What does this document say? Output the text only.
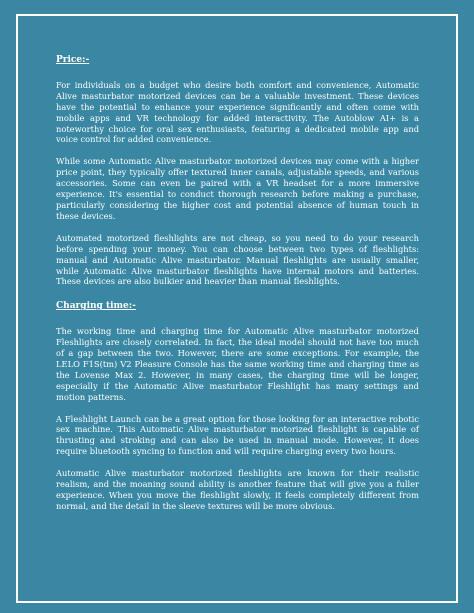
Price:-

For individuals on a budget who desire both comfort and convenience, Automatic Alive masturbator motorized devices can be a valuable investment. These devices have the potential to enhance your experience significantly and often come with mobile apps and VR technology for added interactivity. The Autoblow AI+ is a noteworthy choice for oral sex enthusiasts, featuring a dedicated mobile app and voice control for added convenience.

While some Automatic Alive masturbator motorized devices may come with a higher price point, they typically offer textured inner canals, adjustable speeds, and various accessories. Some can even be paired with a VR headset for a more immersive experience. It's essential to conduct thorough research before making a purchase, particularly considering the higher cost and potential absence of human touch in these devices.

Automated motorized fleshlights are not cheap, so you need to do your research before spending your money. You can choose between two types of fleshlights: manual and Automatic Alive masturbator. Manual fleshlights are usually smaller, while Automatic Alive masturbator fleshlights have internal motors and batteries. These devices are also bulkier and heavier than manual fleshlights.

Charging time:-

The working time and charging time for Automatic Alive masturbator motorized Fleshlights are closely correlated. In fact, the ideal model should not have too much of a gap between the two. However, there are some exceptions. For example, the LELO F1S(tm) V2 Pleasure Console has the same working time and charging time as the Lovense Max 2. However, in many cases, the charging time will be longer, especially if the Automatic Alive masturbator Fleshlight has many settings and motion patterns.

A Fleshlight Launch can be a great option for those looking for an interactive robotic sex machine. This Automatic Alive masturbator motorized fleshlight is capable of thrusting and stroking and can also be used in manual mode. However, it does require bluetooth syncing to function and will require charging every two hours.

Automatic Alive masturbator motorized fleshlights are known for their realistic realism, and the moaning sound ability is another feature that will give you a fuller experience. When you move the fleshlight slowly, it feels completely different from normal, and the detail in the sleeve textures will be more obvious.
